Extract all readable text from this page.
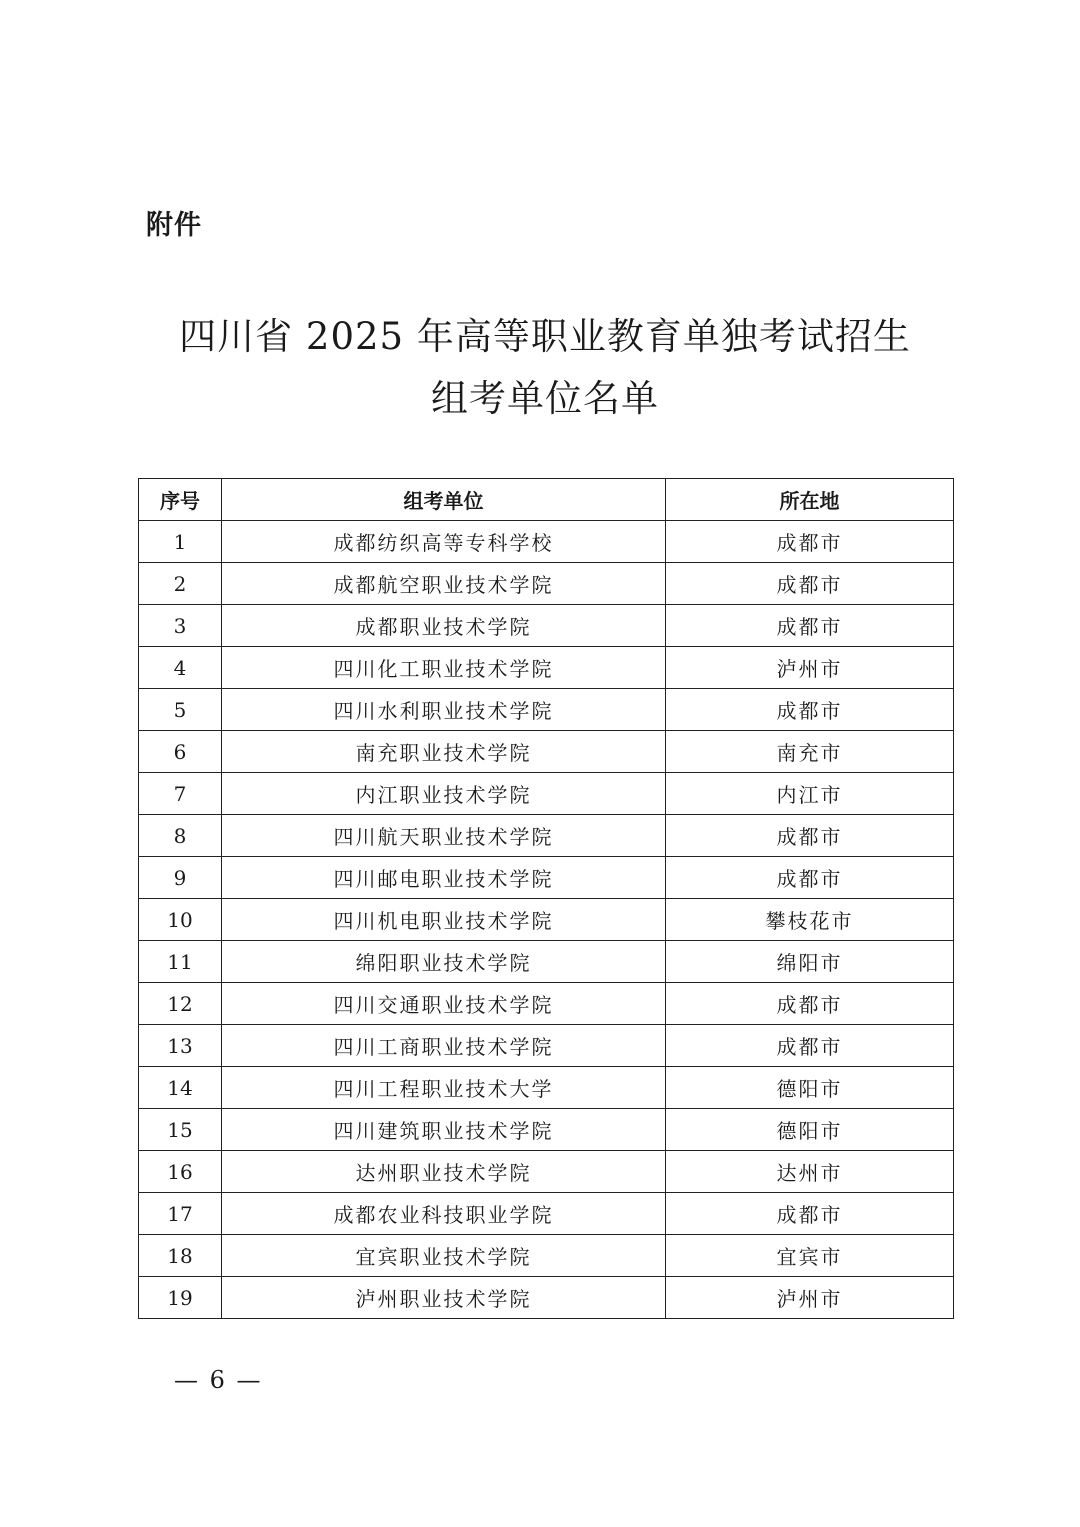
附件
四川省 2025 年高等职业教育单独考试招生
组考单位名单
序号	组考单位	所在地
1	成都纺织高等专科学校	成都市
2	成都航空职业技术学院	成都市
3	成都职业技术学院	成都市
4	四川化工职业技术学院	泸州市
5	四川水利职业技术学院	成都市
6	南充职业技术学院	南充市
7	内江职业技术学院	内江市
8	四川航天职业技术学院	成都市
9	四川邮电职业技术学院	成都市
10	四川机电职业技术学院	攀枝花市
11	绵阳职业技术学院	绵阳市
12	四川交通职业技术学院	成都市
13	四川工商职业技术学院	成都市
14	四川工程职业技术大学	德阳市
15	四川建筑职业技术学院	德阳市
16	达州职业技术学院	达州市
17	成都农业科技职业学院	成都市
18	宜宾职业技术学院	宜宾市
19	泸州职业技术学院	泸州市
— 6 —
